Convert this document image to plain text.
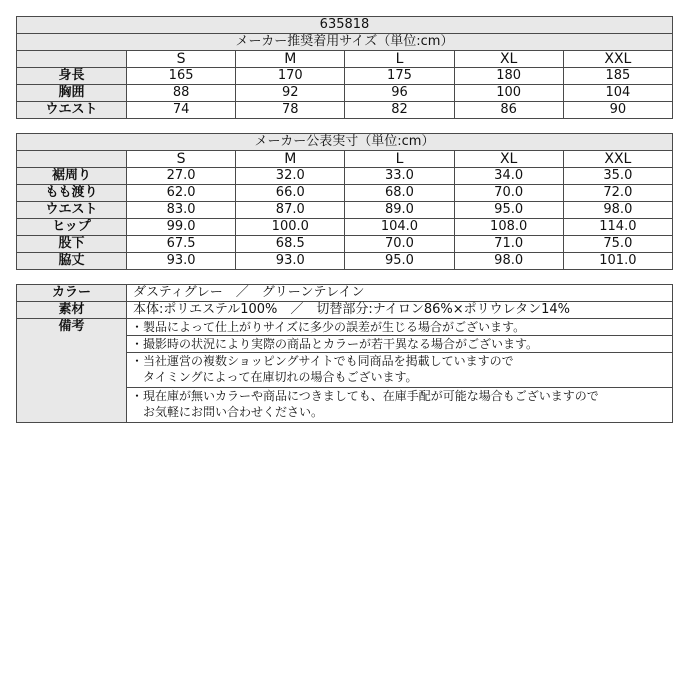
635818					
メーカー推奨着用サイズ（単位:cm）					
	S	M	L	XL	XXL
身長	165	170	175	180	185
胸囲	88	92	96	100	104
ウエスト	74	78	82	86	90
メーカー公表実寸（単位:cm）					
	S	M	L	XL	XXL
裾周り	27.0	32.0	33.0	34.0	35.0
もも渡り	62.0	66.0	68.0	70.0	72.0
ウエスト	83.0	87.0	89.0	95.0	98.0
ヒップ	99.0	100.0	104.0	108.0	114.0
股下	67.5	68.5	70.0	71.0	75.0
脇丈	93.0	93.0	95.0	98.0	101.0
カラー	ダスティグレー　／　グリーンテレイン
素材	本体:ポリエステル100%　／　切替部分:ナイロン86%×ポリウレタン14%
備考	・製品によって仕上がりサイズに多少の誤差が生じる場合がございます。

	・撮影時の状況により実際の商品とカラーが若干異なる場合がございます。

	・当社運営の複数ショッピングサイトでも同商品を掲載していますので
　タイミングによって在庫切れの場合もございます。

	・現在庫が無いカラーや商品につきましても、在庫手配が可能な場合もございますので
　お気軽にお問い合わせください。
